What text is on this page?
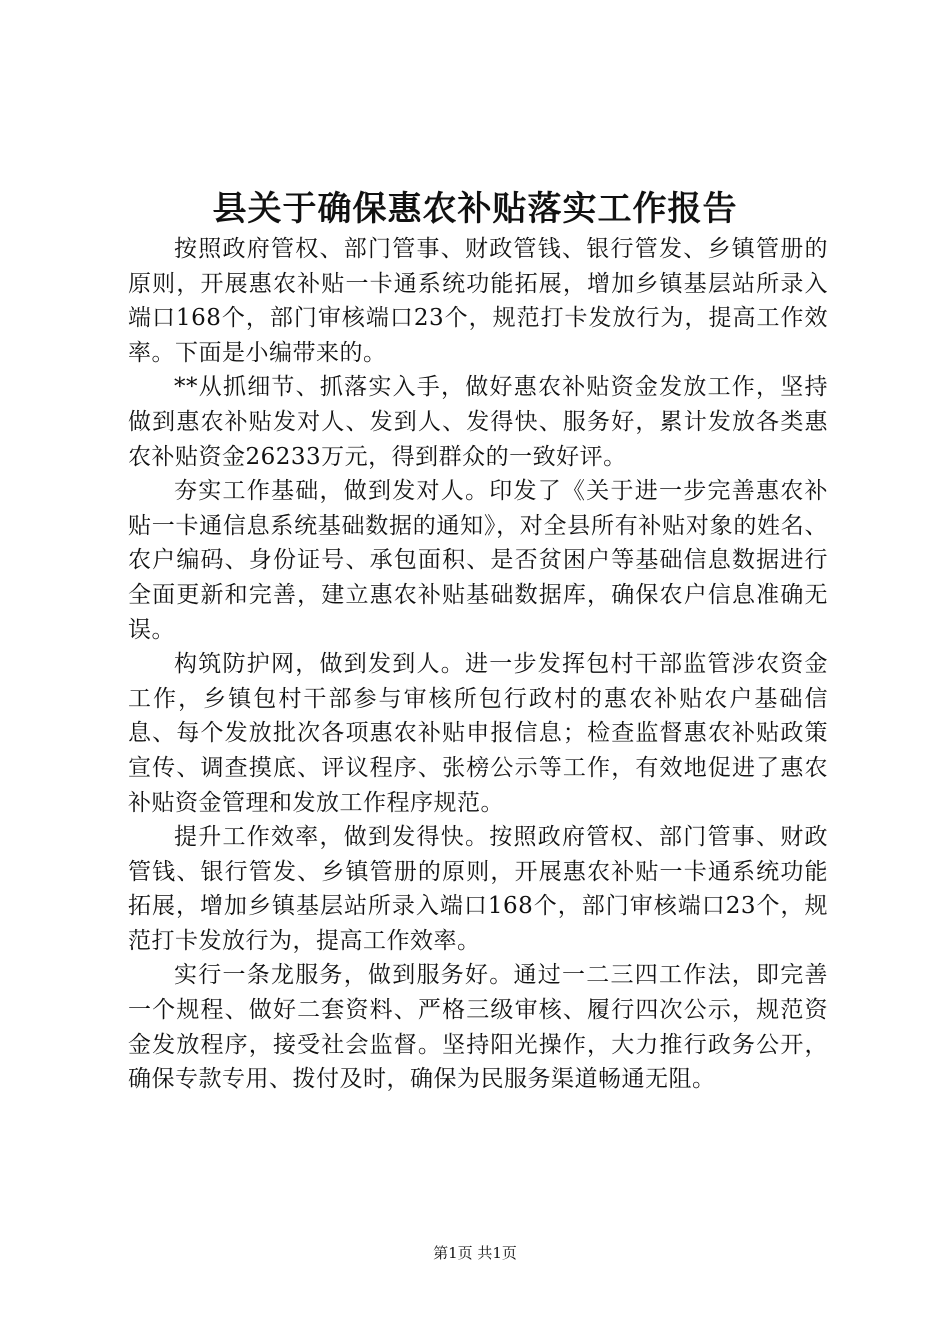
县关于确保惠农补贴落实工作报告

按照政府管权、部门管事、财政管钱、银行管发、乡镇管册的原则，开展惠农补贴一卡通系统功能拓展，增加乡镇基层站所录入端口168个，部门审核端口23个，规范打卡发放行为，提高工作效率。下面是小编带来的。

**从抓细节、抓落实入手，做好惠农补贴资金发放工作，坚持做到惠农补贴发对人、发到人、发得快、服务好，累计发放各类惠农补贴资金26233万元，得到群众的一致好评。

夯实工作基础，做到发对人。印发了《关于进一步完善惠农补贴一卡通信息系统基础数据的通知》，对全县所有补贴对象的姓名、农户编码、身份证号、承包面积、是否贫困户等基础信息数据进行全面更新和完善，建立惠农补贴基础数据库，确保农户信息准确无误。

构筑防护网，做到发到人。进一步发挥包村干部监管涉农资金工作，乡镇包村干部参与审核所包行政村的惠农补贴农户基础信息、每个发放批次各项惠农补贴申报信息；检查监督惠农补贴政策宣传、调查摸底、评议程序、张榜公示等工作，有效地促进了惠农补贴资金管理和发放工作程序规范。

提升工作效率，做到发得快。按照政府管权、部门管事、财政管钱、银行管发、乡镇管册的原则，开展惠农补贴一卡通系统功能拓展，增加乡镇基层站所录入端口168个，部门审核端口23个，规范打卡发放行为，提高工作效率。

实行一条龙服务，做到服务好。通过一二三四工作法，即完善一个规程、做好二套资料、严格三级审核、履行四次公示，规范资金发放程序，接受社会监督。坚持阳光操作，大力推行政务公开，确保专款专用、拨付及时，确保为民服务渠道畅通无阻。

第1页 共1页
